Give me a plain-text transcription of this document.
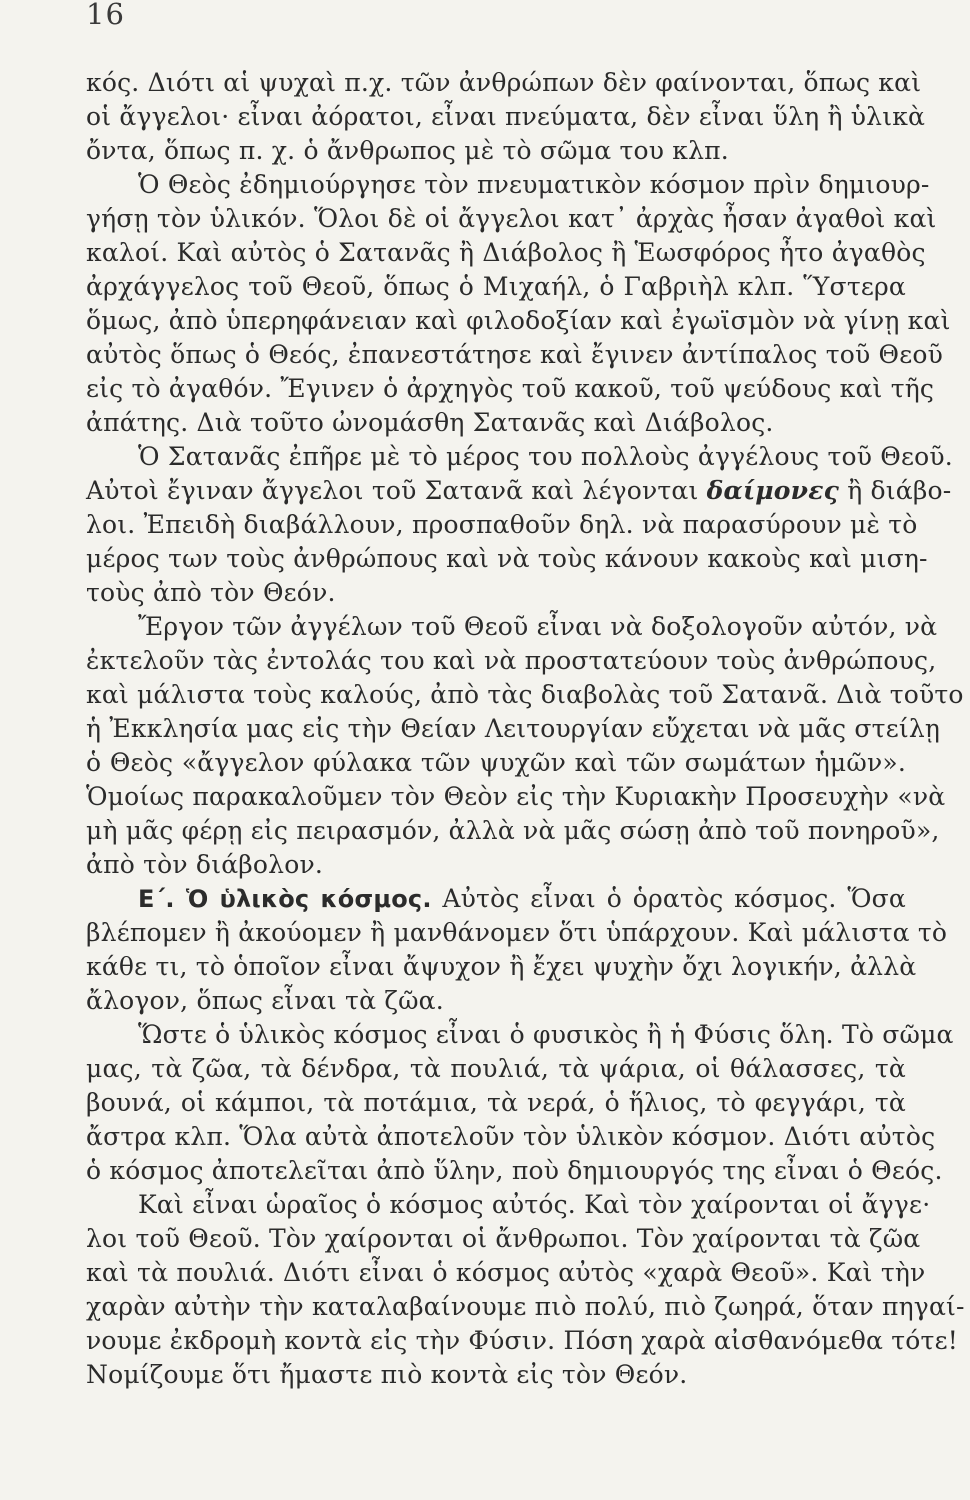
16
κός. Διότι αἱ ψυχαὶ π.χ. τῶν ἀνθρώπων δὲν φαίνονται, ὅπως καὶ
οἱ ἄγγελοι· εἶναι ἀόρατοι, εἶναι πνεύματα, δὲν εἶναι ὕλη ἢ ὑλικὰ
ὄντα, ὅπως π. χ. ὁ ἄνθρωπος μὲ τὸ σῶμα του κλπ.
Ὁ Θεὸς ἐδημιούργησε τὸν πνευματικὸν κόσμον πρὶν δημιουρ-
γήσῃ τὸν ὑλικόν. Ὅλοι δὲ οἱ ἄγγελοι κατ᾿ ἀρχὰς ἦσαν ἀγαθοὶ καὶ
καλοί. Καὶ αὐτὸς ὁ Σατανᾶς ἢ Διάβολος ἢ Ἑωσφόρος ἦτο ἀγαθὸς
ἀρχάγγελος τοῦ Θεοῦ, ὅπως ὁ Μιχαήλ, ὁ Γαβριὴλ κλπ. Ὕστερα
ὅμως, ἀπὸ ὑπερηφάνειαν καὶ φιλοδοξίαν καὶ ἐγωϊσμὸν νὰ γίνῃ καὶ
αὐτὸς ὅπως ὁ Θεός, ἐπανεστάτησε καὶ ἔγινεν ἀντίπαλος τοῦ Θεοῦ
εἰς τὸ ἀγαθόν. Ἔγινεν ὁ ἀρχηγὸς τοῦ κακοῦ, τοῦ ψεύδους καὶ τῆς
ἀπάτης. Διὰ τοῦτο ὠνομάσθη Σατανᾶς καὶ Διάβολος.
Ὁ Σατανᾶς ἐπῆρε μὲ τὸ μέρος του πολλοὺς ἀγγέλους τοῦ Θεοῦ.
Αὐτοὶ ἔγιναν ἄγγελοι τοῦ Σατανᾶ καὶ λέγονται δαίμονες ἢ διάβο-
λοι. Ἐπειδὴ διαβάλλουν, προσπαθοῦν δηλ. νὰ παρασύρουν μὲ τὸ
μέρος των τοὺς ἀνθρώπους καὶ νὰ τοὺς κάνουν κακοὺς καὶ μιση-
τοὺς ἀπὸ τὸν Θεόν.
Ἔργον τῶν ἀγγέλων τοῦ Θεοῦ εἶναι νὰ δοξολογοῦν αὐτόν, νὰ
ἐκτελοῦν τὰς ἐντολάς του καὶ νὰ προστατεύουν τοὺς ἀνθρώπους,
καὶ μάλιστα τοὺς καλούς, ἀπὸ τὰς διαβολὰς τοῦ Σατανᾶ. Διὰ τοῦτο
ἡ Ἐκκλησία μας εἰς τὴν Θείαν Λειτουργίαν εὔχεται νὰ μᾶς στείλῃ
ὁ Θεὸς «ἄγγελον φύλακα τῶν ψυχῶν καὶ τῶν σωμάτων ἡμῶν».
Ὁμοίως παρακαλοῦμεν τὸν Θεὸν εἰς τὴν Κυριακὴν Προσευχὴν «νὰ
μὴ μᾶς φέρῃ εἰς πειρασμόν, ἀλλὰ νὰ μᾶς σώσῃ ἀπὸ τοῦ πονηροῦ»,
ἀπὸ τὸν διάβολον.
Ε΄. Ὁ ὑλικὸς κόσμος. Αὐτὸς εἶναι ὁ ὁρατὸς κόσμος. Ὅσα
βλέπομεν ἢ ἀκούομεν ἢ μανθάνομεν ὅτι ὑπάρχουν. Καὶ μάλιστα τὸ
κάθε τι, τὸ ὁποῖον εἶναι ἄψυχον ἢ ἔχει ψυχὴν ὄχι λογικήν, ἀλλὰ
ἄλογον, ὅπως εἶναι τὰ ζῶα.
Ὥστε ὁ ὑλικὸς κόσμος εἶναι ὁ φυσικὸς ἢ ἡ Φύσις ὅλη. Τὸ σῶμα
μας, τὰ ζῶα, τὰ δένδρα, τὰ πουλιά, τὰ ψάρια, οἱ θάλασσες, τὰ
βουνά, οἱ κάμποι, τὰ ποτάμια, τὰ νερά, ὁ ἥλιος, τὸ φεγγάρι, τὰ
ἄστρα κλπ. Ὅλα αὐτὰ ἀποτελοῦν τὸν ὑλικὸν κόσμον. Διότι αὐτὸς
ὁ κόσμος ἀποτελεῖται ἀπὸ ὕλην, ποὺ δημιουργός της εἶναι ὁ Θεός.
Καὶ εἶναι ὡραῖος ὁ κόσμος αὐτός. Καὶ τὸν χαίρονται οἱ ἄγγε·
λοι τοῦ Θεοῦ. Τὸν χαίρονται οἱ ἄνθρωποι. Τὸν χαίρονται τὰ ζῶα
καὶ τὰ πουλιά. Διότι εἶναι ὁ κόσμος αὐτὸς «χαρὰ Θεοῦ». Καὶ τὴν
χαρὰν αὐτὴν τὴν καταλαβαίνουμε πιὸ πολύ, πιὸ ζωηρά, ὅταν πηγαί-
νουμε ἐκδρομὴ κοντὰ εἰς τὴν Φύσιν. Πόση χαρὰ αἰσθανόμεθα τότε!
Νομίζουμε ὅτι ἤμαστε πιὸ κοντὰ εἰς τὸν Θεόν.
